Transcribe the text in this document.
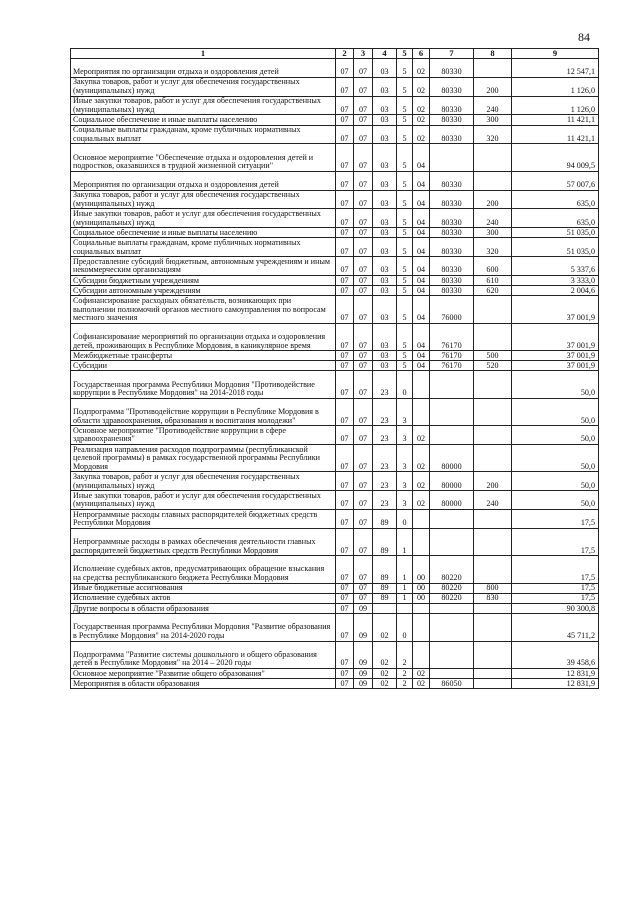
84
1	2	3	4	5	6	7	8	9
Мероприятия по организации отдыха и оздоровления детей	07	07	03	5	02	80330		12 547,1
Закупка товаров, работ и услуг для обеспечения государственных (муниципальных) нужд	07	07	03	5	02	80330	200	1 126,0
Иные закупки товаров, работ и услуг для обеспечения государственных (муниципальных) нужд	07	07	03	5	02	80330	240	1 126,0
Социальное обеспечение и иные выплаты населению	07	07	03	5	02	80330	300	11 421,1
Социальные выплаты гражданам, кроме публичных нормативных социальных выплат	07	07	03	5	02	80330	320	11 421,1
Основное мероприятие "Обеспечение отдыха и оздоровления детей и подростков, оказавшихся в трудной жизненной ситуации"	07	07	03	5	04			94 009,5
Мероприятия по организации отдыха и оздоровления детей	07	07	03	5	04	80330		57 007,6
Закупка товаров, работ и услуг для обеспечения государственных (муниципальных) нужд	07	07	03	5	04	80330	200	635,0
Иные закупки товаров, работ и услуг для обеспечения государственных (муниципальных) нужд	07	07	03	5	04	80330	240	635,0
Социальное обеспечение и иные выплаты населению	07	07	03	5	04	80330	300	51 035,0
Социальные выплаты гражданам, кроме публичных нормативных социальных выплат	07	07	03	5	04	80330	320	51 035,0
Предоставление субсидий бюджетным, автономным учреждениям и иным некоммерческим организациям	07	07	03	5	04	80330	600	5 337,6
Субсидии бюджетным учреждениям	07	07	03	5	04	80330	610	3 333,0
Субсидии автономным учреждениям	07	07	03	5	04	80330	620	2 004,6
Софинансирование расходных обязательств, возникающих при выполнении полномочий органов местного самоуправления по вопросам местного значения	07	07	03	5	04	76000		37 001,9
Софинансирование мероприятий по организации отдыха и оздоровления детей, проживающих в Республике Мордовия, в каникулярное время	07	07	03	5	04	76170		37 001,9
Межбюджетные трансферты	07	07	03	5	04	76170	500	37 001,9
Субсидии	07	07	03	5	04	76170	520	37 001,9
Государственная программа Республики Мордовия "Противодействие коррупции в Республике Мордовия" на 2014-2018 годы	07	07	23	0				50,0
Подпрограмма "Противодействие коррупции в Республике Мордовия в области здравоохранения, образования и воспитания молодежи"	07	07	23	3				50,0
Основное мероприятие "Противодействие коррупции в сфере здравоохранения"	07	07	23	3	02			50,0
Реализация направления расходов подпрограммы (республиканской целевой программы) в рамках государственной программы Республики Мордовия	07	07	23	3	02	80000		50,0
Закупка товаров, работ и услуг для обеспечения государственных (муниципальных) нужд	07	07	23	3	02	80000	200	50,0
Иные закупки товаров, работ и услуг для обеспечения государственных (муниципальных) нужд	07	07	23	3	02	80000	240	50,0
Непрограммные расходы главных распорядителей бюджетных средств Республики Мордовия	07	07	89	0				17,5
Непрограммные расходы в рамках обеспечения деятельности главных распорядителей бюджетных средств Республики Мордовия	07	07	89	1				17,5
Исполнение судебных актов, предусматривающих обращение взыскания на средства республиканского бюджета Республики Мордовия	07	07	89	1	00	80220		17,5
Иные бюджетные ассигнования	07	07	89	1	00	80220	800	17,5
Исполнение судебных актов	07	07	89	1	00	80220	830	17,5
Другие вопросы в области образования	07	09						90 300,8
Государственная программа Республики Мордовия "Развитие образования в Республике Мордовия" на 2014-2020 годы	07	09	02	0				45 711,2
Подпрограмма "Развитие системы дошкольного и общего образования детей в Республике Мордовия" на 2014 – 2020 годы	07	09	02	2				39 458,6
Основное мероприятие "Развитие общего образования"	07	09	02	2	02			12 831,9
Мероприятия в области образования	07	09	02	2	02	86050		12 831,9
